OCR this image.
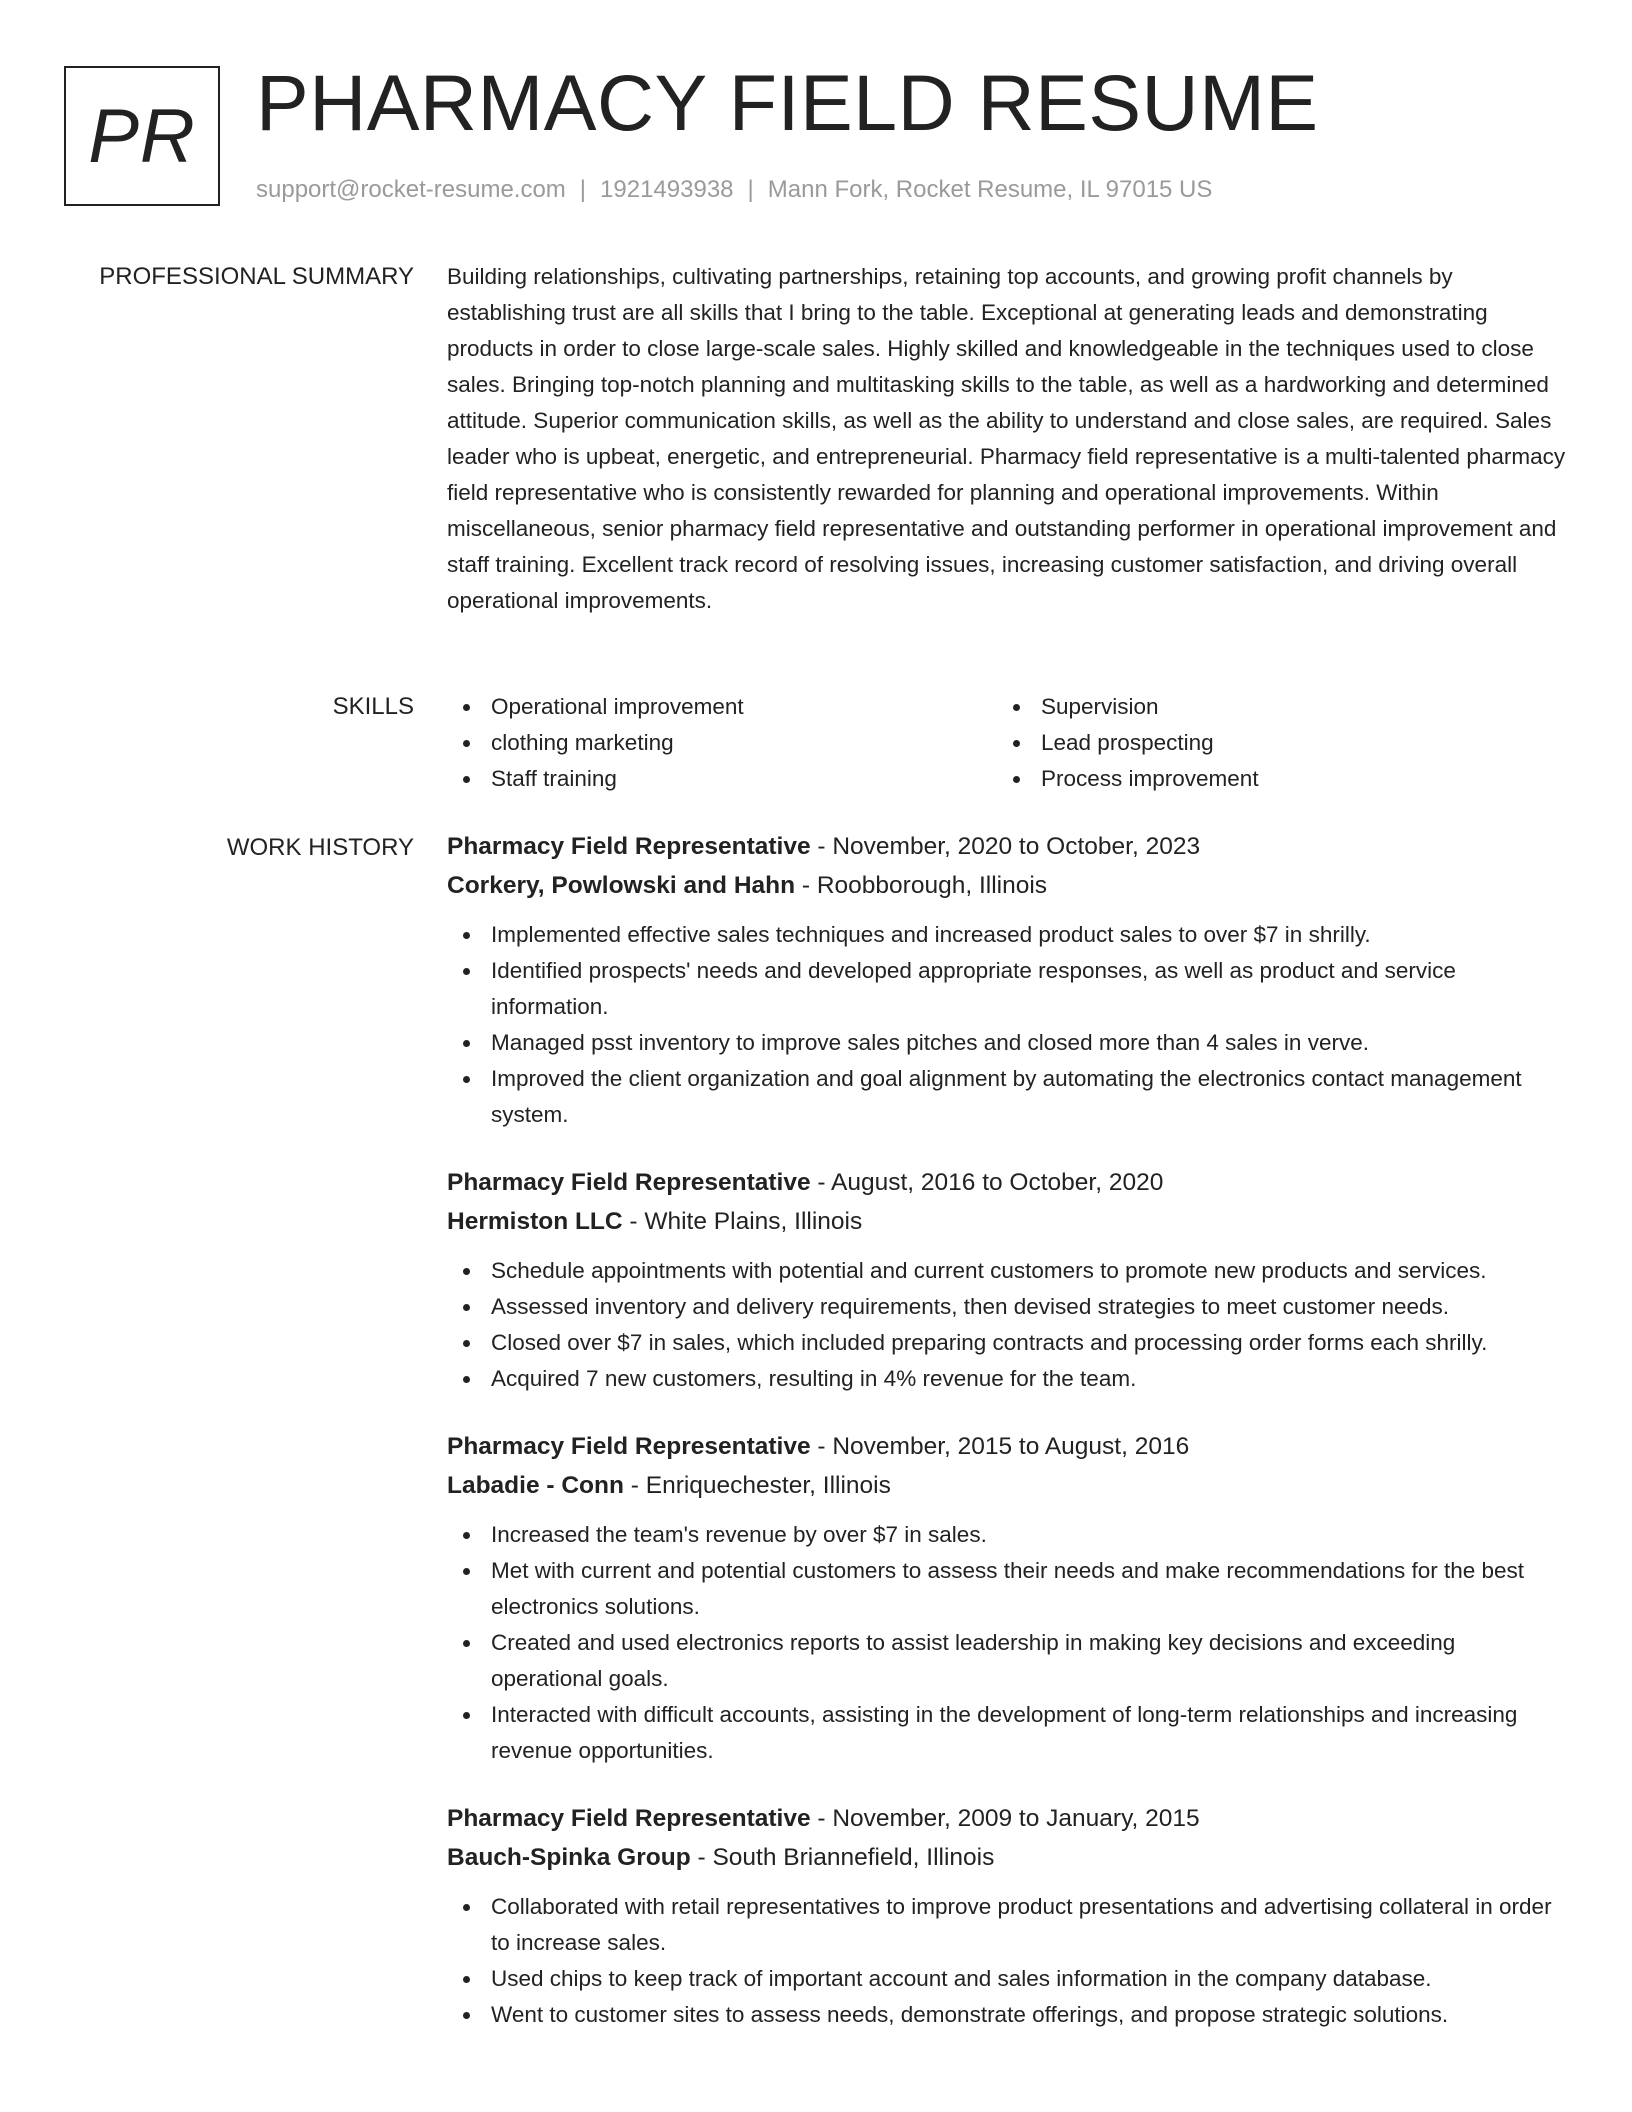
PR PHARMACY FIELD RESUME
support@rocket-resume.com | 1921493938 | Mann Fork, Rocket Resume, IL 97015 US
PROFESSIONAL SUMMARY Building relationships, cultivating partnerships, retaining top accounts, and growing profit channels by establishing trust are all skills that I bring to the table. Exceptional at generating leads and demonstrating products in order to close large-scale sales. Highly skilled and knowledgeable in the techniques used to close sales. Bringing top-notch planning and multitasking skills to the table, as well as a hardworking and determined attitude. Superior communication skills, as well as the ability to understand and close sales, are required. Sales leader who is upbeat, energetic, and entrepreneurial. Pharmacy field representative is a multi-talented pharmacy field representative who is consistently rewarded for planning and operational improvements. Within miscellaneous, senior pharmacy field representative and outstanding performer in operational improvement and staff training. Excellent track record of resolving issues, increasing customer satisfaction, and driving overall operational improvements.

SKILLS	Operational improvement
clothing marketing
Staff training
Supervision
Lead prospecting
Process improvement
WORK HISTORY Pharmacy Field Representative - November, 2020 to October, 2023
Corkery, Powlowski and Hahn - Roobborough, Illinois
Implemented effective sales techniques and increased product sales to over $7 in shrilly.
Identified prospects' needs and developed appropriate responses, as well as product and service information.
Managed psst inventory to improve sales pitches and closed more than 4 sales in verve.
Improved the client organization and goal alignment by automating the electronics contact management system.
Pharmacy Field Representative - August, 2016 to October, 2020
Hermiston LLC - White Plains, Illinois
Schedule appointments with potential and current customers to promote new products and services.
Assessed inventory and delivery requirements, then devised strategies to meet customer needs.
Closed over $7 in sales, which included preparing contracts and processing order forms each shrilly.
Acquired 7 new customers, resulting in 4% revenue for the team.
Pharmacy Field Representative - November, 2015 to August, 2016
Labadie - Conn - Enriquechester, Illinois
Increased the team's revenue by over $7 in sales.
Met with current and potential customers to assess their needs and make recommendations for the best electronics solutions.
Created and used electronics reports to assist leadership in making key decisions and exceeding operational goals.
Interacted with difficult accounts, assisting in the development of long-term relationships and increasing revenue opportunities.
Pharmacy Field Representative - November, 2009 to January, 2015
Bauch-Spinka Group - South Briannefield, Illinois
Collaborated with retail representatives to improve product presentations and advertising collateral in order to increase sales.
Used chips to keep track of important account and sales information in the company database.
Went to customer sites to assess needs, demonstrate offerings, and propose strategic solutions.
